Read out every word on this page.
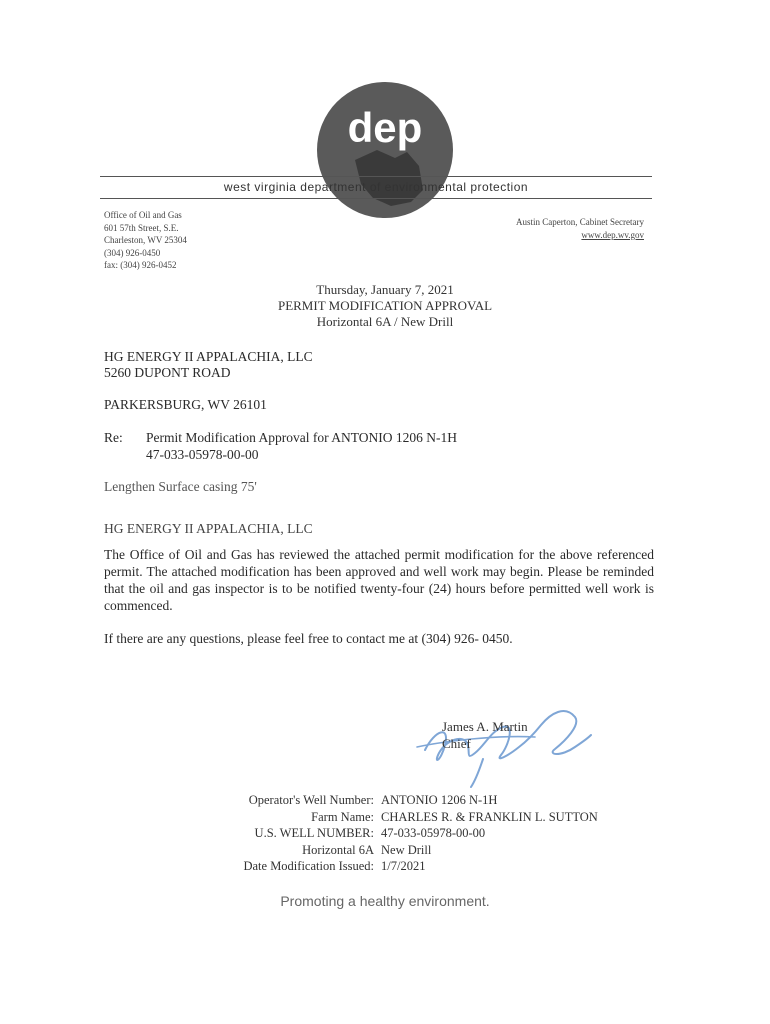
dep
west virginia department of environmental protection
Office of Oil and Gas
601 57th Street, S.E.
Charleston, WV 25304
(304) 926-0450
fax: (304) 926-0452
Austin Caperton, Cabinet Secretary
www.dep.wv.gov
Thursday, January 7, 2021
PERMIT MODIFICATION APPROVAL
Horizontal 6A / New Drill
HG ENERGY II APPALACHIA, LLC
5260 DUPONT ROAD
PARKERSBURG, WV 26101
Re: Permit Modification Approval for ANTONIO 1206 N-1H
47-033-05978-00-00
Lengthen Surface casing 75'
HG ENERGY II APPALACHIA, LLC
The Office of Oil and Gas has reviewed the attached permit modification for the above referenced permit. The attached modification has been approved and well work may begin. Please be reminded that the oil and gas inspector is to be notified twenty-four (24) hours before permitted well work is commenced.
If there are any questions, please feel free to contact me at (304) 926- 0450.
James A. Martin
Chief
Operator's Well Number:
Farm Name:
U.S. WELL NUMBER:
Horizontal 6A
Date Modification Issued:
ANTONIO 1206 N-1H
CHARLES R. & FRANKLIN L. SUTTON
47-033-05978-00-00
New Drill
1/7/2021
Promoting a healthy environment.
